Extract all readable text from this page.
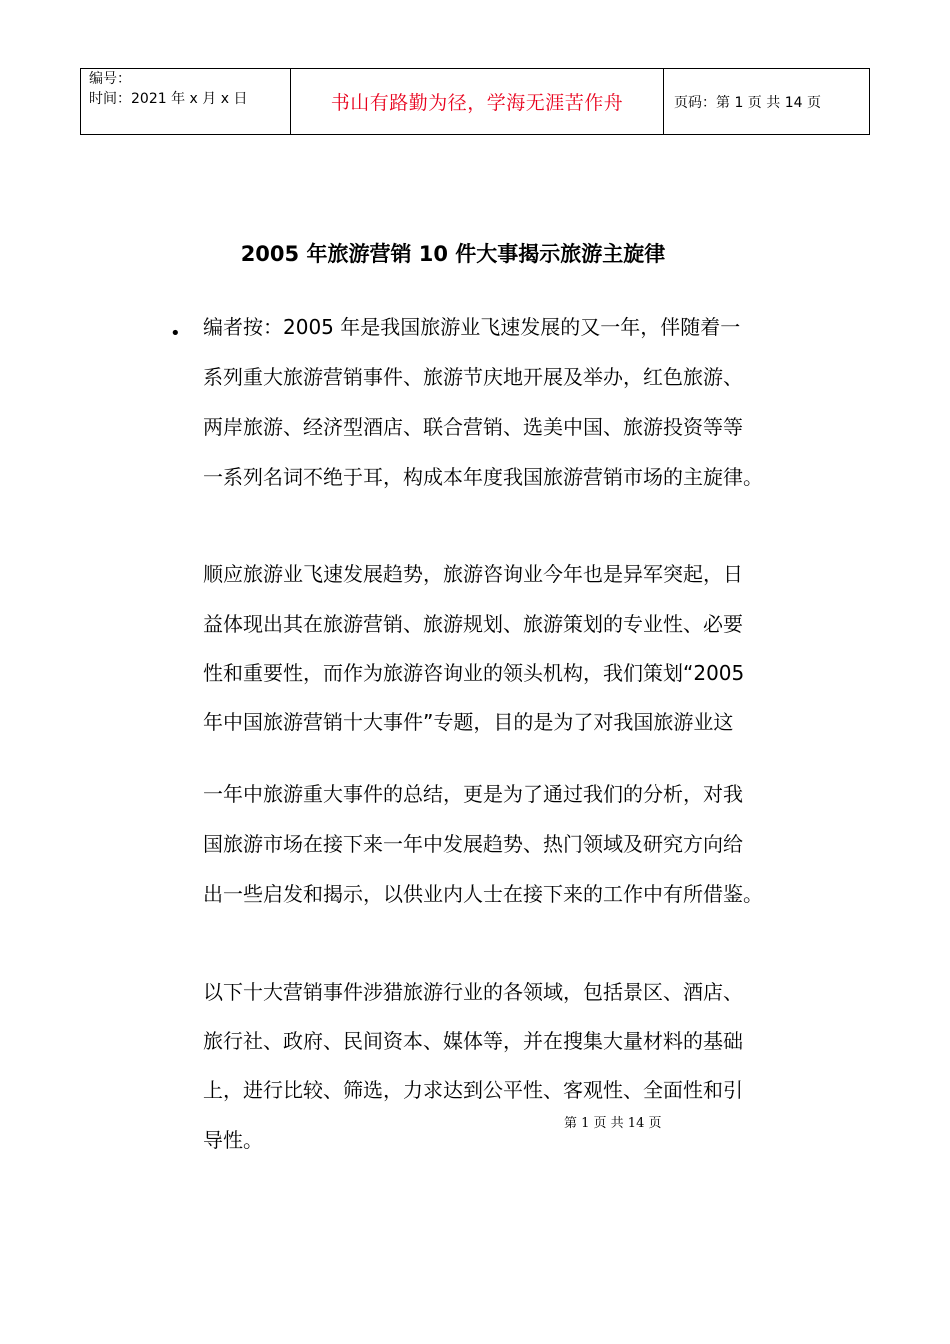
编号：
时间：2021 年 x 月 x 日	书山有路勤为径，学海无涯苦作舟	页码：第 1 页 共 14 页
2005 年旅游营销 10 件大事揭示旅游主旋律
• 编者按：2005 年是我国旅游业飞速发展的又一年，伴随着一
系列重大旅游营销事件、旅游节庆地开展及举办，红色旅游、
两岸旅游、经济型酒店、联合营销、选美中国、旅游投资等等
一系列名词不绝于耳，构成本年度我国旅游营销市场的主旋律。
顺应旅游业飞速发展趋势，旅游咨询业今年也是异军突起，日
益体现出其在旅游营销、旅游规划、旅游策划的专业性、必要
性和重要性，而作为旅游咨询业的领头机构，我们策划“2005
年中国旅游营销十大事件”专题，目的是为了对我国旅游业这
一年中旅游重大事件的总结，更是为了通过我们的分析，对我
国旅游市场在接下来一年中发展趋势、热门领域及研究方向给
出一些启发和揭示，以供业内人士在接下来的工作中有所借鉴。
以下十大营销事件涉猎旅游行业的各领域，包括景区、酒店、
旅行社、政府、民间资本、媒体等，并在搜集大量材料的基础
上，进行比较、筛选，力求达到公平性、客观性、全面性和引
导性。
第 1 页 共 14 页
